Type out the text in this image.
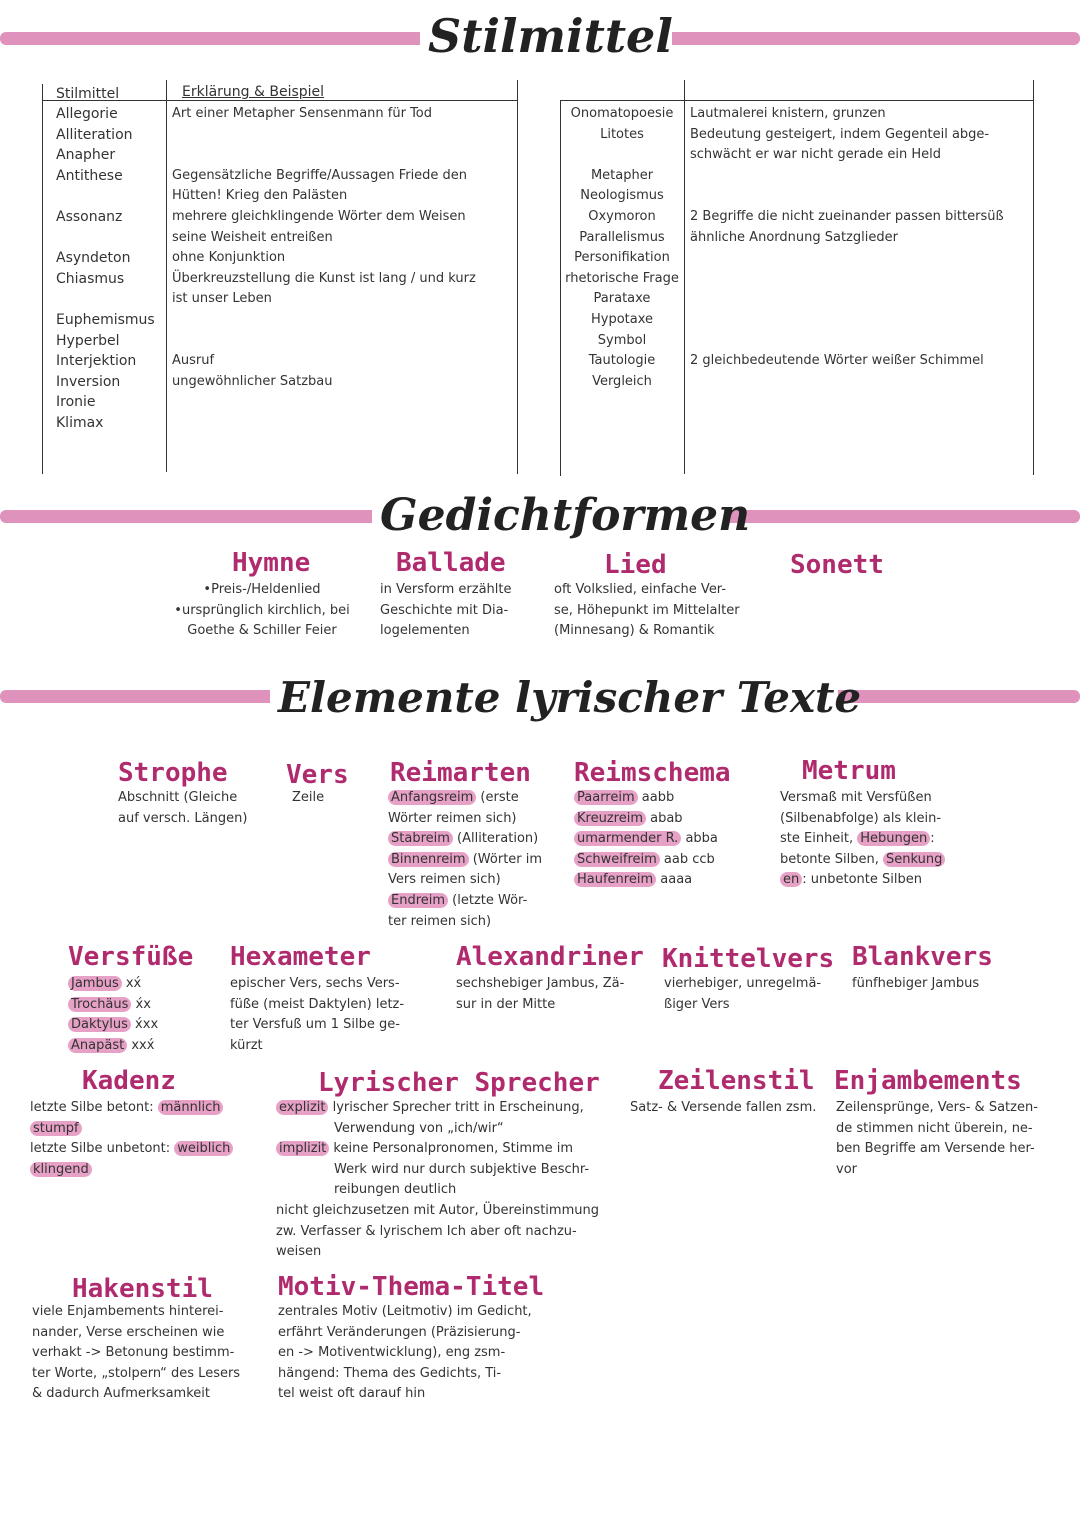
Stilmittel
Stilmittel	Erklärung & Beispiel
Allegorie
Alliteration
Anapher
Antithese

Assonanz

Asyndeton
Chiasmus

Euphemismus
Hyperbel
Interjektion
Inversion
Ironie
Klimax
Art einer Metapher Sensenmann für Tod

Gegensätzliche Begriffe/Aussagen Friede den
Hütten! Krieg den Palästen
mehrere gleichklingende Wörter dem Weisen
seine Weisheit entreißen
ohne Konjunktion
Überkreuzstellung die Kunst ist lang / und kurz
ist unser Leben

Ausruf
ungewöhnlicher Satzbau
Onomatopoesie
Litotes

Metapher
Neologismus
Oxymoron
Parallelismus
Personifikation
rhetorische Frage
Parataxe
Hypotaxe
Symbol
Tautologie
Vergleich
Lautmalerei knistern, grunzen
Bedeutung gesteigert, indem Gegenteil abge-
schwächt er war nicht gerade ein Held

2 Begriffe die nicht zueinander passen bittersüß
ähnliche Anordnung Satzglieder

2 gleichbedeutende Wörter weißer Schimmel
Gedichtformen
Hymne
•Preis-/Heldenlied
•ursprünglich kirchlich, bei
Goethe & Schiller Feier
Ballade
in Versform erzählte
Geschichte mit Dia-
logelementen
Lied
oft Volkslied, einfache Ver-
se, Höhepunkt im Mittelalter
(Minnesang) & Romantik
Sonett
Elemente lyrischer Texte
Strophe
Abschnitt (Gleiche
auf versch. Längen)
Vers
Zeile
Reimarten
Anfangsreim (erste
Wörter reimen sich)
Stabreim (Alliteration)
Binnenreim (Wörter im
Vers reimen sich)
Endreim (letzte Wör-
ter reimen sich)
Reimschema
Paarreim aabb
Kreuzreim abab
umarmender R. abba
Schweifreim aab ccb
Haufenreim aaaa
Metrum
Versmaß mit Versfüßen
(Silbenabfolge) als klein-
ste Einheit, Hebungen :
betonte Silben, Senkung
en : unbetonte Silben
Versfüße
Jambus xx́
Trochäus x́x
Daktylus x́xx
Anapäst xxx́
Hexameter
epischer Vers, sechs Vers-
füße (meist Daktylen) letz-
ter Versfuß um 1 Silbe ge-
kürzt
Alexandriner
sechshebiger Jambus, Zä-
sur in der Mitte
Knittelvers
vierhebiger, unregelmä-
ßiger Vers
Blankvers
fünfhebiger Jambus
Kadenz
letzte Silbe betont: männlich
stumpf
letzte Silbe unbetont: weiblich
klingend
Lyrischer Sprecher
explizit lyrischer Sprecher tritt in Erscheinung,
Verwendung von „ich/wir“
implizit keine Personalpronomen, Stimme im
Werk wird nur durch subjektive Beschr-
reibungen deutlich
nicht gleichzusetzen mit Autor, Übereinstimmung
zw. Verfasser & lyrischem Ich aber oft nachzu-
weisen
Zeilenstil
Satz- & Versende fallen zsm.
Enjambements
Zeilensprünge, Vers- & Satzen-
de stimmen nicht überein, ne-
ben Begriffe am Versende her-
vor
Hakenstil
viele Enjambements hinterei-
nander, Verse erscheinen wie
verhakt -> Betonung bestimm-
ter Worte, „stolpern“ des Lesers
& dadurch Aufmerksamkeit
Motiv-Thema-Titel
zentrales Motiv (Leitmotiv) im Gedicht,
erfährt Veränderungen (Präzisierung-
en -> Motiventwicklung), eng zsm-
hängend: Thema des Gedichts, Ti-
tel weist oft darauf hin
